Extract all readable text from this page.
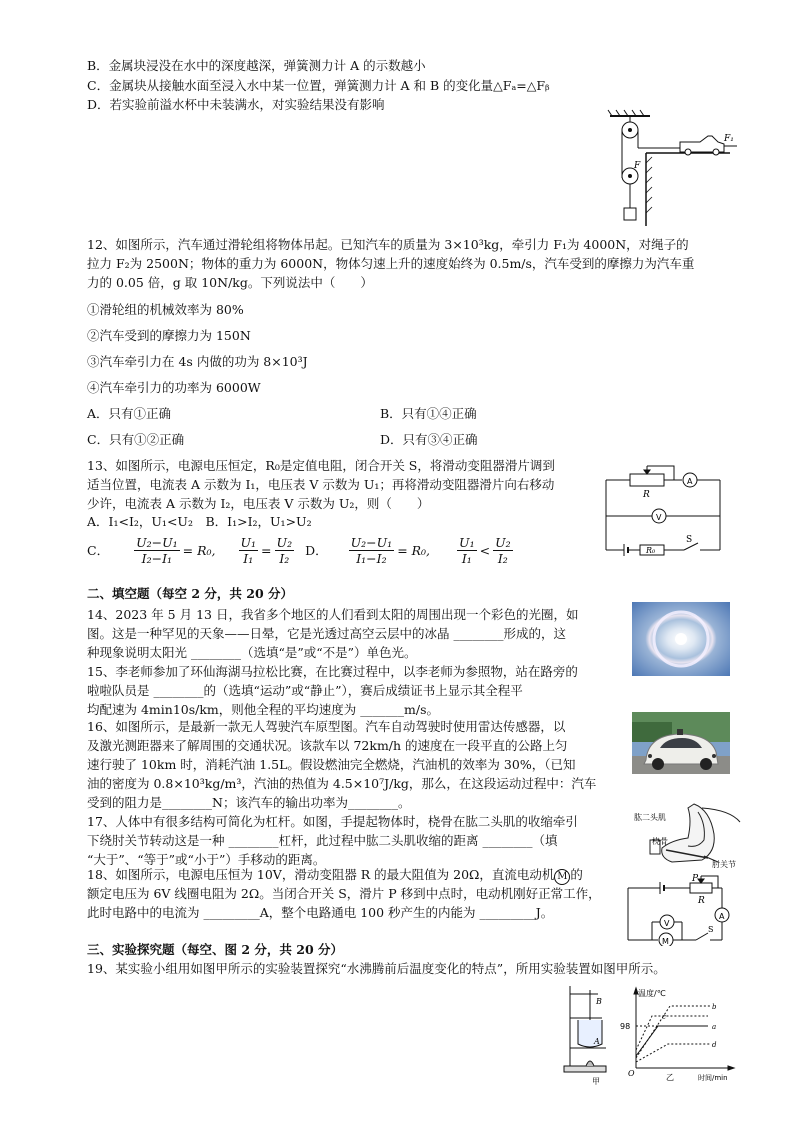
B．金属块浸没在水中的深度越深，弹簧测力计 A 的示数越小
C．金属块从接触水面至浸入水中某一位置，弹簧测力计 A 和 B 的变化量△Fₐ=△Fᵦ
D．若实验前溢水杯中未装满水，对实验结果没有影响
F₁
F
12、如图所示，汽车通过滑轮组将物体吊起。已知汽车的质量为 3×10³kg，牵引力 F₁为 4000N，对绳子的
拉力 F₂为 2500N；物体的重力为 6000N，物体匀速上升的速度始终为 0.5m/s，汽车受到的摩擦力为汽车重
力的 0.05 倍，g 取 10N/kg。下列说法中（　　）
①滑轮组的机械效率为 80%
②汽车受到的摩擦力为 150N
③汽车牵引力在 4s 内做的功为 8×10³J
④汽车牵引力的功率为 6000W
A．只有①正确	B．只有①④正确
C．只有①②正确	D．只有③④正确
13、如图所示，电源电压恒定，R₀是定值电阻，闭合开关 S，将滑动变阻器滑片调到
适当位置，电流表 A 示数为 I₁，电压表 V 示数为 U₁；再将滑动变阻器滑片向右移动
少许，电流表 A 示数为 I₂，电压表 V 示数为 U₂，则（　　）
A．I₁<I₂，U₁<U₂　B．I₁>I₂，U₁>U₂
C． $\frac{\text{U₂−U₁}}{\text{I₂−I₁}} = R_0$, $\frac{\text{U₁}}{\text{I₁}} = \frac{\text{U₂}}{\text{I₂}}$ D． $\frac{\text{U₂−U₁}}{\text{I₁−I₂}} = R_0$, $\frac{\text{U₁}}{\text{I₁}} < \frac{\text{U₂}}{\text{I₂}}$
R
A
V
R₀
S
二、填空题（每空 2 分，共 20 分）
14、2023 年 5 月 13 日，我省多个地区的人们看到太阳的周围出现一个彩色的光圈，如
图。这是一种罕见的天象——日晕，它是光透过高空云层中的冰晶 ________形成的，这
种现象说明太阳光 ________（选填“是”或“不是”）单色光。
15、李老师参加了环仙海湖马拉松比赛，在比赛过程中，以李老师为参照物，站在路旁的
啦啦队员是 ________的（选填“运动”或“静止”），赛后成绩证书上显示其全程平
均配速为 4min10s/km，则他全程的平均速度为 _______m/s。
16、如图所示，是最新一款无人驾驶汽车原型图。汽车自动驾驶时使用雷达传感器，以
及激光测距器来了解周围的交通状况。该款车以 72km/h 的速度在一段平直的公路上匀
速行驶了 10km 时，消耗汽油 1.5L。假设燃油完全燃烧，汽油机的效率为 30%，（已知
油的密度为 0.8×10³kg/m³，汽油的热值为 4.5×10⁷J/kg，那么，在这段运动过程中：汽车
受到的阻力是________N；该汽车的输出功率为________。
17、人体中有很多结构可简化为杠杆。如图，手提起物体时，桡骨在肱二头肌的收缩牵引
下绕肘关节转动这是一种 ________杠杆，此过程中肱二头肌收缩的距离 ________（填
“大于”、“等于”或“小于”）手移动的距离。
肱二头肌
桡骨
肘关节
18、如图所示，电源电压恒为 10V，滑动变阻器 R 的最大阻值为 20Ω，直流电动机 M 的
额定电压为 6V 线圈电阻为 2Ω。当闭合开关 S，滑片 P 移到中点时，电动机刚好正常工作，
此时电路中的电流为 _________A，整个电路通电 100 秒产生的内能为 _________J。
P
R
A
V
M
S
三、实验探究题（每空、图 2 分，共 20 分）
19、某实验小组用如图甲所示的实验装置探究“水沸腾前后温度变化的特点”，所用实验装置如图甲所示。
B
A
甲
温度/℃
98
O
a
b
c
d
乙	时间/min
